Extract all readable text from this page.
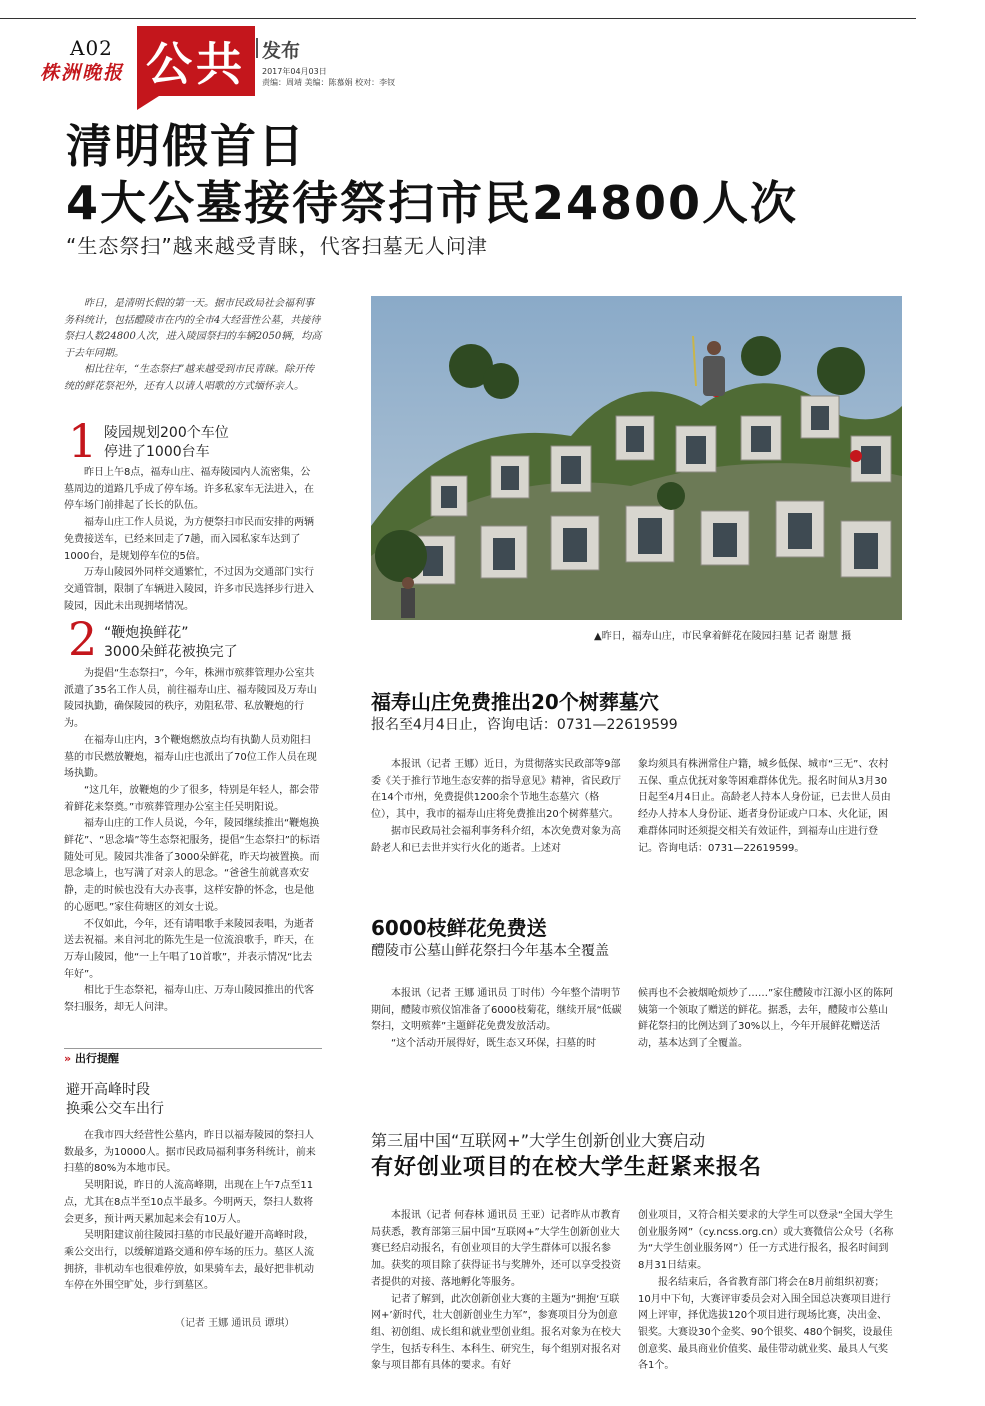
A02
株洲晚报 公共 发布
2017年04月03日
责编：周靖 美编：陈慕娟 校对：李钗
清明假首日
4大公墓接待祭扫市民24800人次
“生态祭扫”越来越受青睐，代客扫墓无人问津

昨日，是清明长假的第一天。据市民政局社会福利事务科统计，包括醴陵市在内的全市4大经营性公墓，共接待祭扫人数24800人次，进入陵园祭扫的车辆2050辆，均高于去年同期。

相比往年，“生态祭扫”越来越受到市民青睐。除开传统的鲜花祭祀外，还有人以请人唱歌的方式缅怀亲人。

1 陵园规划200个车位
停进了1000台车

昨日上午8点，福寿山庄、福寿陵园内人流密集，公墓周边的道路几乎成了停车场。许多私家车无法进入，在停车场门前排起了长长的队伍。

福寿山庄工作人员说，为方便祭扫市民而安排的两辆免费接送车，已经来回走了7趟，而入园私家车达到了1000台，是规划停车位的5倍。

万寿山陵园外同样交通繁忙，不过因为交通部门实行交通管制，限制了车辆进入陵园，许多市民选择步行进入陵园，因此未出现拥堵情况。

2 “鞭炮换鲜花”
3000朵鲜花被换完了

为提倡“生态祭扫”，今年，株洲市殡葬管理办公室共派遣了35名工作人员，前往福寿山庄、福寿陵园及万寿山陵园执勤，确保陵园的秩序，劝阻私带、私放鞭炮的行为。

在福寿山庄内，3个鞭炮燃放点均有执勤人员劝阻扫墓的市民燃放鞭炮，福寿山庄也派出了70位工作人员在现场执勤。

“这几年，放鞭炮的少了很多，特别是年轻人，都会带着鲜花来祭奠。”市殡葬管理办公室主任吴明阳说。

福寿山庄的工作人员说，今年，陵园继续推出“鞭炮换鲜花”、“思念墙”等生态祭祀服务，提倡“生态祭扫”的标语随处可见。陵园共准备了3000朵鲜花，昨天均被置换。而思念墙上，也写满了对亲人的思念。“爸爸生前就喜欢安静，走的时候也没有大办丧事，这样安静的怀念，也是他的心愿吧。”家住荷塘区的刘女士说。

不仅如此，今年，还有请唱歌手来陵园表唱，为逝者送去祝福。来自河北的陈先生是一位流浪歌手，昨天，在万寿山陵园，他“一上午唱了10首歌”，并表示情况“比去年好”。

相比于生态祭祀，福寿山庄、万寿山陵园推出的代客祭扫服务，却无人问津。

» 出行提醒
避开高峰时段
换乘公交车出行

在我市四大经营性公墓内，昨日以福寿陵园的祭扫人数最多，为10000人。据市民政局福利事务科统计，前来扫墓的80%为本地市民。

吴明阳说，昨日的人流高峰期，出现在上午7点至11点，尤其在8点半至10点半最多。今明两天，祭扫人数将会更多，预计两天累加起来会有10万人。

吴明阳建议前往陵园扫墓的市民最好避开高峰时段，乘公交出行，以缓解道路交通和停车场的压力。墓区人流拥挤，非机动车也很难停放，如果骑车去，最好把非机动车停在外围空旷处，步行到墓区。

（记者 王娜 通讯员 谭琪）
▲昨日，福寿山庄，市民拿着鲜花在陵园扫墓 记者 谢慧 摄
福寿山庄免费推出20个树葬墓穴
报名至4月4日止，咨询电话：0731—22619599

本报讯（记者 王娜）近日，为贯彻落实民政部等9部委《关于推行节地生态安葬的指导意见》精神，省民政厅在14个市州，免费提供1200余个节地生态墓穴（格位），其中，我市的福寿山庄将免费推出20个树葬墓穴。

据市民政局社会福利事务科介绍，本次免费对象为高龄老人和已去世并实行火化的逝者。上述对

象均须具有株洲常住户籍，城乡低保、城市“三无”、农村五保、重点优抚对象等困难群体优先。报名时间从3月30日起至4月4日止。高龄老人持本人身份证，已去世人员由经办人持本人身份证、逝者身份证或户口本、火化证，困难群体同时还须提交相关有效证件，到福寿山庄进行登记。咨询电话：0731—22619599。

6000枝鲜花免费送
醴陵市公墓山鲜花祭扫今年基本全覆盖

本报讯（记者 王娜 通讯员 丁时伟）今年整个清明节期间，醴陵市殡仪馆准备了6000枝菊花，继续开展“低碳祭扫，文明殡葬”主题鲜花免费发放活动。

“这个活动开展得好，既生态又环保，扫墓的时

候再也不会被烟呛烦炒了……”家住醴陵市江源小区的陈阿姨第一个领取了赠送的鲜花。据悉，去年，醴陵市公墓山鲜花祭扫的比例达到了30%以上，今年开展鲜花赠送活动，基本达到了全覆盖。

第三届中国“互联网+”大学生创新创业大赛启动
有好创业项目的在校大学生赶紧来报名

本报讯（记者 何春林 通讯员 王亚）记者昨从市教育局获悉，教育部第三届中国“互联网+”大学生创新创业大赛已经启动报名，有创业项目的大学生群体可以报名参加。获奖的项目除了获得证书与奖牌外，还可以享受投资者提供的对接、落地孵化等服务。

记者了解到，此次创新创业大赛的主题为“拥抱‘互联网+’新时代，壮大创新创业生力军”，参赛项目分为创意组、初创组、成长组和就业型创业组。报名对象为在校大学生，包括专科生、本科生、研究生，每个组别对报名对象与项目都有具体的要求。有好

创业项目，又符合相关要求的大学生可以登录“全国大学生创业服务网”（cy.ncss.org.cn）或大赛微信公众号（名称为“大学生创业服务网”）任一方式进行报名，报名时间到8月31日结束。

报名结束后，各省教育部门将会在8月前组织初赛；10月中下旬，大赛评审委员会对入围全国总决赛项目进行网上评审，择优选拔120个项目进行现场比赛，决出金、银奖。大赛设30个金奖、90个银奖、480个铜奖，设最佳创意奖、最具商业价值奖、最佳带动就业奖、最具人气奖各1个。
